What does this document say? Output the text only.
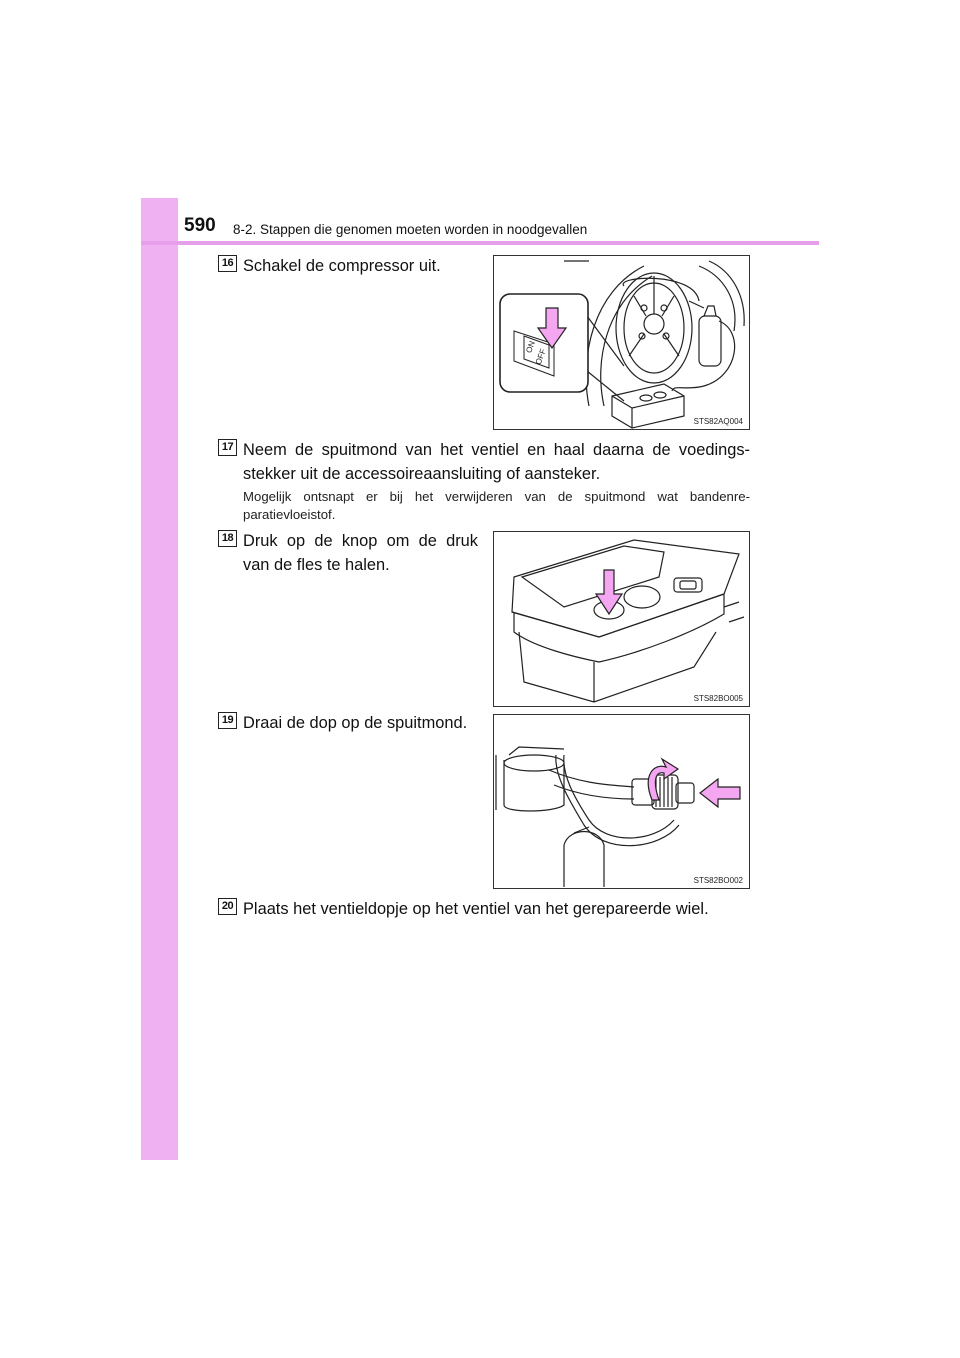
590 8-2. Stappen die genomen moeten worden in noodgevallen
16 Schakel de compressor uit.
ON
OFF
STS82AQ004
17 Neem de spuitmond van het ventiel en haal daarna de voedings-
stekker uit de accessoireaansluiting of aansteker.
Mogelijk ontsnapt er bij het verwijderen van de spuitmond wat bandenre-
paratievloeistof.
18 Druk op de knop om de druk
van de fles te halen.
STS82BO005
19 Draai de dop op de spuitmond.
STS82BO002
20 Plaats het ventieldopje op het ventiel van het gerepareerde wiel.
